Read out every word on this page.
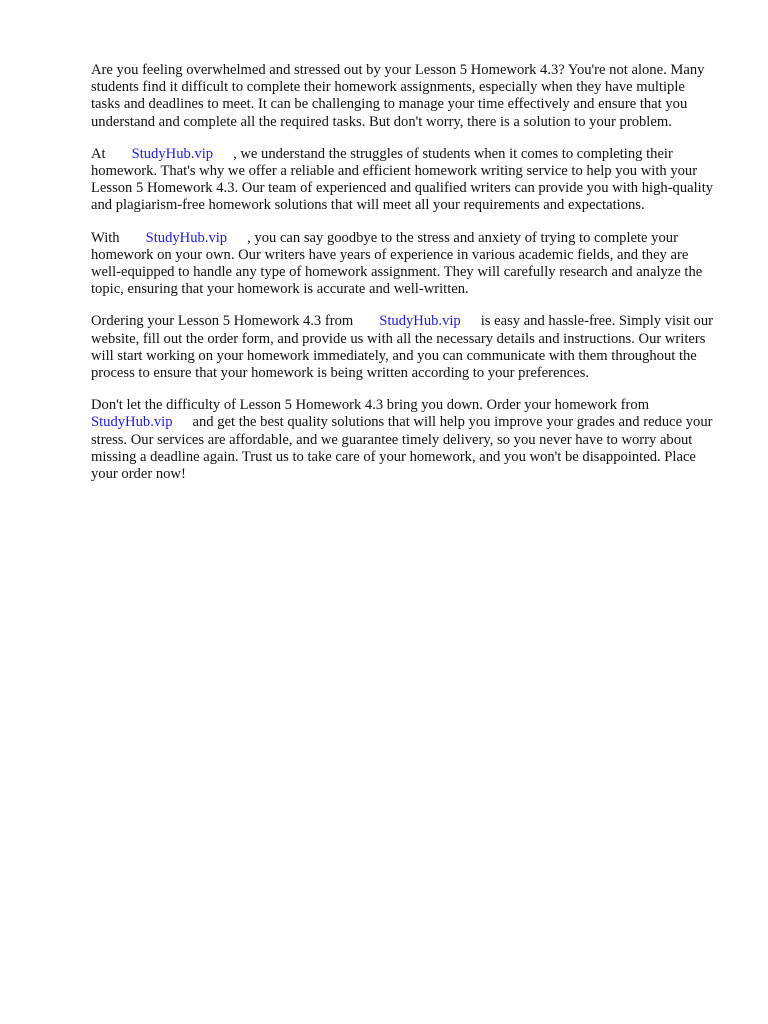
Are you feeling overwhelmed and stressed out by your Lesson 5 Homework 4.3? You're not alone. Many students find it difficult to complete their homework assignments, especially when they have multiple tasks and deadlines to meet. It can be challenging to manage your time effectively and ensure that you understand and complete all the required tasks. But don't worry, there is a solution to your problem.

At StudyHub.vip , we understand the struggles of students when it comes to completing their homework. That's why we offer a reliable and efficient homework writing service to help you with your Lesson 5 Homework 4.3. Our team of experienced and qualified writers can provide you with high-quality and plagiarism-free homework solutions that will meet all your requirements and expectations.

With StudyHub.vip , you can say goodbye to the stress and anxiety of trying to complete your homework on your own. Our writers have years of experience in various academic fields, and they are well-equipped to handle any type of homework assignment. They will carefully research and analyze the topic, ensuring that your homework is accurate and well-written.

Ordering your Lesson 5 Homework 4.3 from StudyHub.vip is easy and hassle-free. Simply visit our website, fill out the order form, and provide us with all the necessary details and instructions. Our writers will start working on your homework immediately, and you can communicate with them throughout the process to ensure that your homework is being written according to your preferences.

Don't let the difficulty of Lesson 5 Homework 4.3 bring you down. Order your homework from StudyHub.vip and get the best quality solutions that will help you improve your grades and reduce your stress. Our services are affordable, and we guarantee timely delivery, so you never have to worry about missing a deadline again. Trust us to take care of your homework, and you won't be disappointed. Place your order now!
